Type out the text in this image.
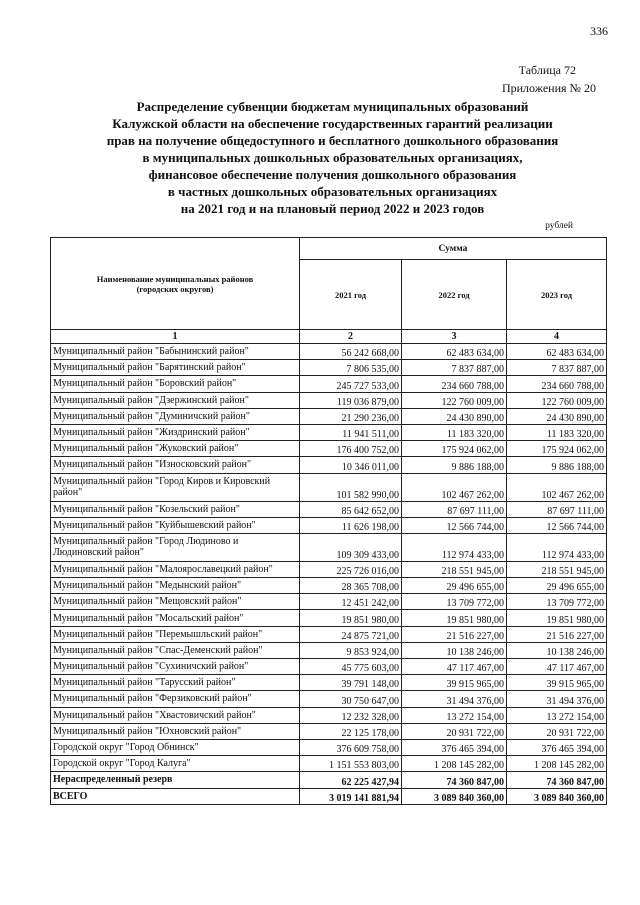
336
Таблица 72
Приложения № 20
Распределение субвенции бюджетам муниципальных образований
Калужской области на обеспечение государственных гарантий реализации
прав на получение общедоступного и бесплатного дошкольного образования
в муниципальных дошкольных образовательных организациях,
финансовое обеспечение получения дошкольного образования
в частных дошкольных образовательных организациях
на 2021 год и на плановый период 2022 и 2023 годов
рублей
Наименование муниципальных районов
(городских округов)	Сумма		
	2021 год	2022 год	2023 год
1	2	3	4
Муниципальный район "Бабынинский район"	56 242 668,00	62 483 634,00	62 483 634,00
Муниципальный район "Барятинский район"	7 806 535,00	7 837 887,00	7 837 887,00
Муниципальный район "Боровский район"	245 727 533,00	234 660 788,00	234 660 788,00
Муниципальный район "Дзержинский район"	119 036 879,00	122 760 009,00	122 760 009,00
Муниципальный район "Думиничский район"	21 290 236,00	24 430 890,00	24 430 890,00
Муниципальный район "Жиздринский район"	11 941 511,00	11 183 320,00	11 183 320,00
Муниципальный район "Жуковский район"	176 400 752,00	175 924 062,00	175 924 062,00
Муниципальный район "Износковский район"	10 346 011,00	9 886 188,00	9 886 188,00
Муниципальный район "Город Киров и Кировский район"	101 582 990,00	102 467 262,00	102 467 262,00
Муниципальный район "Козельский район"	85 642 652,00	87 697 111,00	87 697 111,00
Муниципальный район "Куйбышевский район"	11 626 198,00	12 566 744,00	12 566 744,00
Муниципальный район "Город Людиново и Людиновский район"	109 309 433,00	112 974 433,00	112 974 433,00
Муниципальный район "Малоярославецкий район"	225 726 016,00	218 551 945,00	218 551 945,00
Муниципальный район "Медынский район"	28 365 708,00	29 496 655,00	29 496 655,00
Муниципальный район "Мещовский район"	12 451 242,00	13 709 772,00	13 709 772,00
Муниципальный район "Мосальский район"	19 851 980,00	19 851 980,00	19 851 980,00
Муниципальный район "Перемышльский район"	24 875 721,00	21 516 227,00	21 516 227,00
Муниципальный район "Спас-Деменский район"	9 853 924,00	10 138 246,00	10 138 246,00
Муниципальный район "Сухиничский район"	45 775 603,00	47 117 467,00	47 117 467,00
Муниципальный район "Тарусский район"	39 791 148,00	39 915 965,00	39 915 965,00
Муниципальный район "Ферзиковский район"	30 750 647,00	31 494 376,00	31 494 376,00
Муниципальный район "Хвастовичский район"	12 232 328,00	13 272 154,00	13 272 154,00
Муниципальный район "Юхновский район"	22 125 178,00	20 931 722,00	20 931 722,00
Городской округ "Город Обнинск"	376 609 758,00	376 465 394,00	376 465 394,00
Городской округ "Город Калуга"	1 151 553 803,00	1 208 145 282,00	1 208 145 282,00
Нераспределенный резерв	62 225 427,94	74 360 847,00	74 360 847,00
ВСЕГО	3 019 141 881,94	3 089 840 360,00	3 089 840 360,00
